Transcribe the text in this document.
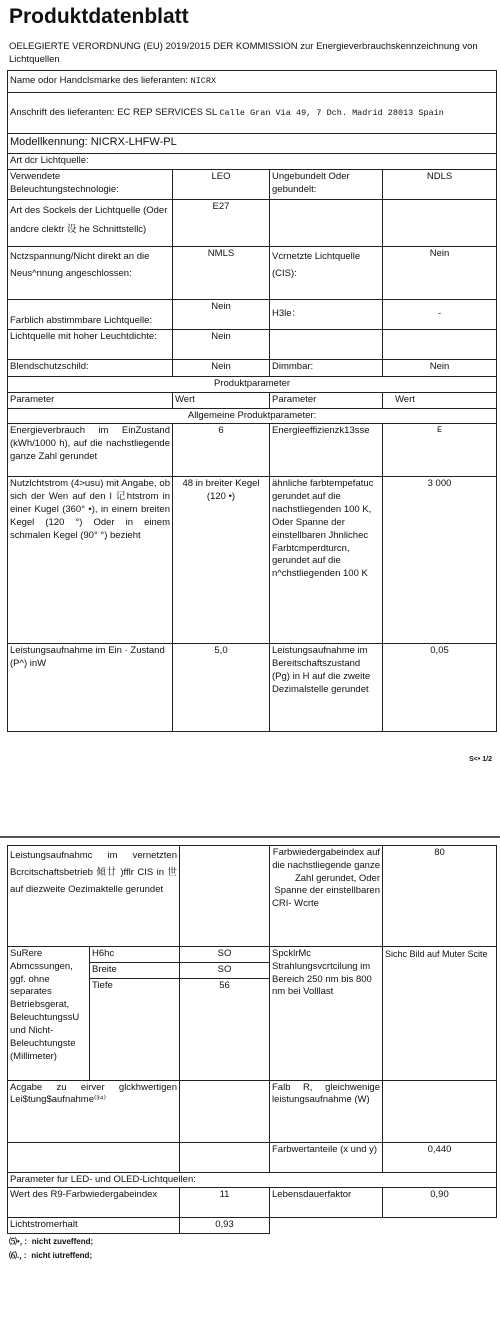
Produktdatenblatt
OELEGIERTE VERORDNUNG (EU) 2019/2015 DER KOMMISSION zur Energieverbrauchskennzeichnung von Lichtquellen
Name odor Handclsmarke des lieferanten: NICRX			
Anschrift des lieferanten: EC REP SERVICES SL Calle Gran Via 49, 7 Dch. Madrid 28013 Spain			
Modellkennung: NICRX-LHFW-PL			
Art dcr Lichtquelle:			
Verwendete Beleuchtungstechnologie:	LEO	Ungebundelt Oder gebundelt:	NDLS
Art des Sockels der Lichtquelle (Oder andcre clektr 设 he Schnittstellc)	E27		
Nctzspannung/Nicht direkt an die Neus^nnung angeschlossen:	NMLS	Vcrnetzte Lichtquelle (CIS):	Nein
Farblich abstimmbare Lichtquelle:	Nein	H3le：	-
Lichtquelle mit hoher Leuchtdichte:	Nein		
Blendschutzschild:	Nein	Dimmbar:	Nein
Produktparameter			
Parameter	Wert	Parameter	Wert
Allgemeine Produktparameter:			
Energieverbrauch im EinZustand (kWh/1000 h), auf die nachstliegende ganze Zahl gerundet	6	Energieeffizienzk13sse	E
Nutzlchtstrom (4>usu) mit Angabe, ob sich der Wen auf den l 记htstrom in einer Kugel (360° •), in einem breiten Kegel (120 °) Oder in einem schmalen Kegel (90° °) bezieht	48 in breiter Kegel (120 •)	ähnliche farbtempefatuc gerundet auf die nachstliegenden 100 K, Oder Spanne der einstellbaren Jhnlichec Farbtcmperdturcn, gerundet auf die n^chstliegenden 100 K	3 000
Leistungsaufnahme im Ein · Zustand (P^) inW	5,0	Leistungsaufnahme im Bereitschaftszustand (Pg) in H auf die zweite Dezimalstelle gerundet	0,05
S<• 1/2
Leistungsaufnahmc im vernetzten Bcrcitschaftsbetrieb 傾廿 )fflr CIS in 世 auf diezweite Oezimaktelle gerundet			Farbwiedergabeindex auf die nachstliegende ganze Zahl gerundet, Oder Spanne der einstellbaren CRI- Wcrte	80
SuRere Abmcssungen, ggf. ohne separates Betriebsgerat, BeleuchtungssU und Nicht-Beleuchtungste (Millimeter)	H6hc	SO	SpcklrMc Strahlungsvcrtcilung im Bereich 250 nm bis 800 nm bei Volllast	Sichc Bild auf Muter Scite
	Breite	SO		
	Tiefe	56		
Acgabe zu eirver glckhwertigen Lei$tung$aufnahme⁽³⁴⁾			Falb R, gleichwenige leistungsaufnahme (W)	
			Farbwertanteile (x und y)	0,440
Parameter fur LED- und OLED-Lichtquellen:				
Wert des R9-Farbwiedergabeindex		11	Lebensdauerfaktor	0,90
Lichtstromerhalt		0,93		
⑸•，：nicht zuveffend;
⑹.，：nicht iutreffend;
